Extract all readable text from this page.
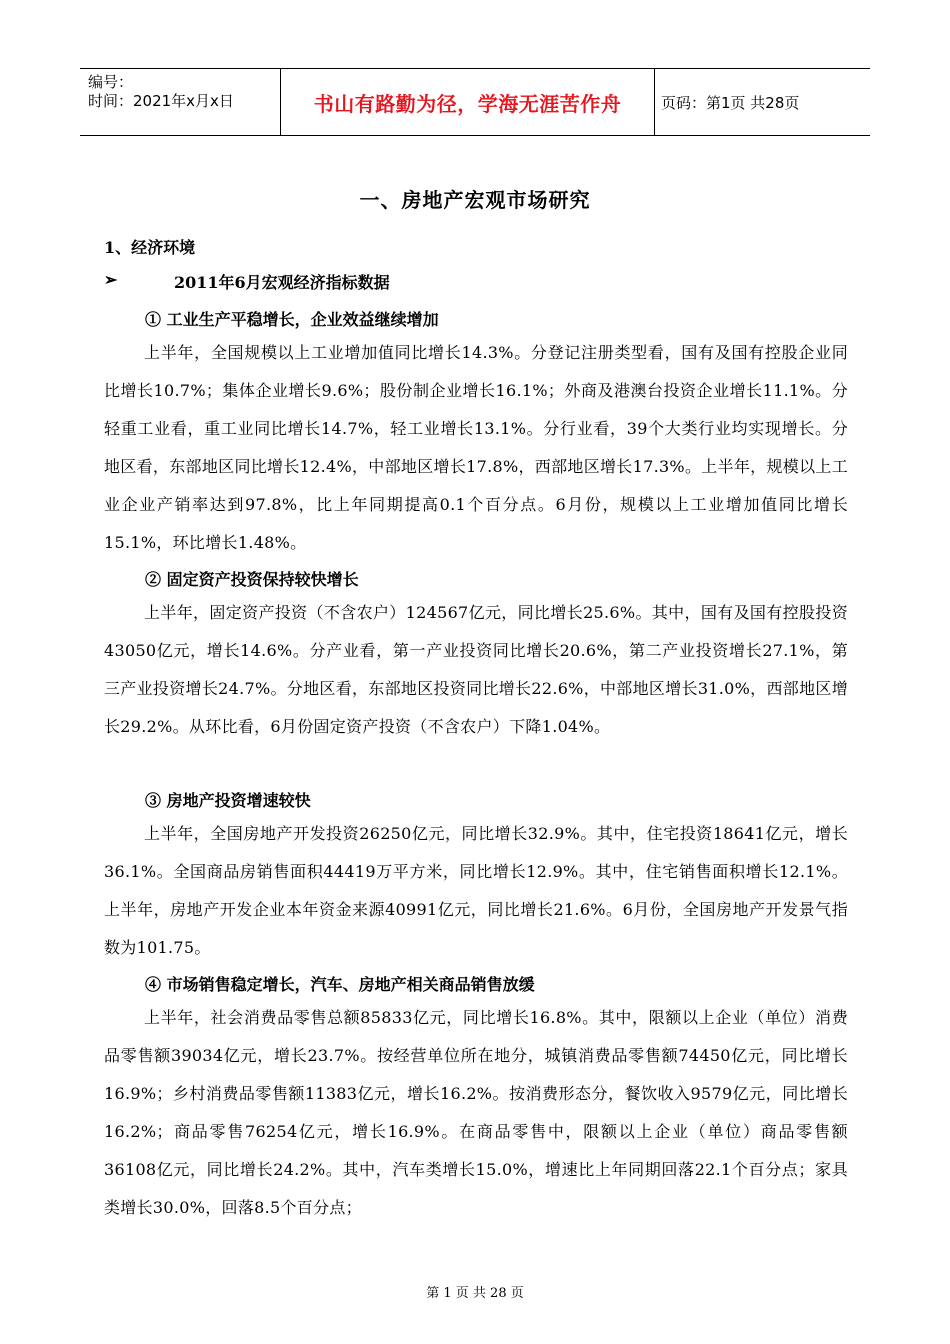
编号：
时间：2021年x月x日	书山有路勤为径，学海无涯苦作舟	页码：第1页 共28页
一、房地产宏观市场研究
1、经济环境
➢	2011年6月宏观经济指标数据
① 工业生产平稳增长，企业效益继续增加

上半年，全国规模以上工业增加值同比增长14.3%。分登记注册类型看，国有及国有控股企业同比增长10.7%；集体企业增长9.6%；股份制企业增长16.1%；外商及港澳台投资企业增长11.1%。分轻重工业看，重工业同比增长14.7%，轻工业增长13.1%。分行业看，39个大类行业均实现增长。分地区看，东部地区同比增长12.4%，中部地区增长17.8%，西部地区增长17.3%。上半年，规模以上工业企业产销率达到97.8%，比上年同期提高0.1个百分点。6月份，规模以上工业增加值同比增长15.1%，环比增长1.48%。

② 固定资产投资保持较快增长

上半年，固定资产投资（不含农户）124567亿元，同比增长25.6%。其中，国有及国有控股投资43050亿元，增长14.6%。分产业看，第一产业投资同比增长20.6%，第二产业投资增长27.1%，第三产业投资增长24.7%。分地区看，东部地区投资同比增长22.6%，中部地区增长31.0%，西部地区增长29.2%。从环比看，6月份固定资产投资（不含农户）下降1.04%。

③ 房地产投资增速较快

上半年，全国房地产开发投资26250亿元，同比增长32.9%。其中，住宅投资18641亿元，增长36.1%。全国商品房销售面积44419万平方米，同比增长12.9%。其中，住宅销售面积增长12.1%。上半年，房地产开发企业本年资金来源40991亿元，同比增长21.6%。6月份，全国房地产开发景气指数为101.75。

④ 市场销售稳定增长，汽车、房地产相关商品销售放缓

上半年，社会消费品零售总额85833亿元，同比增长16.8%。其中，限额以上企业（单位）消费品零售额39034亿元，增长23.7%。按经营单位所在地分，城镇消费品零售额74450亿元，同比增长16.9%；乡村消费品零售额11383亿元，增长16.2%。按消费形态分，餐饮收入9579亿元，同比增长16.2%；商品零售76254亿元，增长16.9%。在商品零售中，限额以上企业（单位）商品零售额36108亿元，同比增长24.2%。其中，汽车类增长15.0%，增速比上年同期回落22.1个百分点；家具类增长30.0%，回落8.5个百分点；

第 1 页 共 28 页
